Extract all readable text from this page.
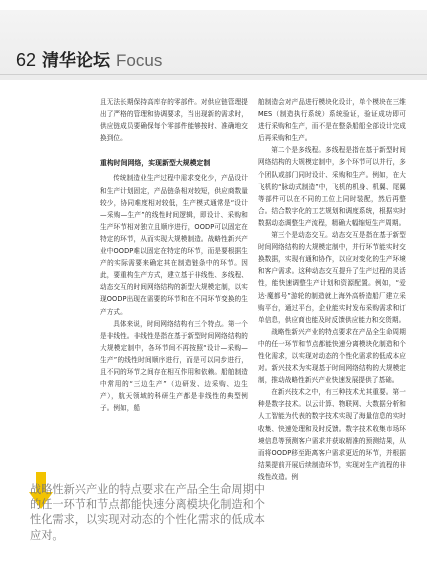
62 清华论坛 Focus

且无法长期保持高库存的零部件。对供应链管理提出了严格的管理和协调要求，当出现新的需求时，供应链成员要确保每个零部件能够按时、准确地交换到位。

重构时间网络，实现新型大规模定制

传统制造业生产过程中需求变化少，产品设计和生产计划固定，产品链条相对较短，供应商数量较少，协同难度相对较低，生产模式通常是“设计—采购—生产”的线性时间逻辑，即设计、采购和生产环节相对独立且顺序进行，OODP可以固定在特定的环节，从而实现大规模制造。战略性新兴产业中OODP难以固定在特定的环节，而是要根据生产的实际需要来确定其在制造链条中的环节。因此，要重构生产方式，建立基于非线性、多线程、动态交互的时间网络结构的新型大规模定制，以实现OODP出现在需要的环节和在不同环节变换的生产方式。

具体来说，时间网络结构有三个特点。第一个是非线性。非线性是指在基于新型时间网络结构的大规模定制中，各环节间不再按照“设计—采购—生产”的线性时间顺序进行，而是可以同步进行，且不同的环节之间存在相互作用和依赖。船舶制造中常用的“三边生产”（边研发、边采购、边生产），航天领域的科研生产都是非线性的典型例子。例如，船

舶制造会对产品进行模块化设计，单个模块在三维MES（制造执行系统）系统验证，验证成功即可进行采购和生产，而不是在整条船船全部设计完成后再采购和生产。

第二个是多线程。多线程是指在基于新型时间网络结构的大规模定制中，多个环节可以并行，多个团队或部门同时设计、采购和生产。例如，在大飞机的“脉动式制造”中，飞机的机身、机翼、尾翼等部件可以在不同的工位上同时装配，然后再整合。结合数字化的工艺规划和调度系统，根据实时数据动态调整生产流程，精确大幅缩短生产周期。

第三个是动态交互。动态交互是指在基于新型时间网络结构的大规模定制中，并行环节能实时交换数据，实现有通和协作，以应对变化的生产环境和客户需求。这种动态交互提升了生产过程的灵活性，能快速调整生产计划和资源配置。例如，“爱达·魔都号”游轮的制造就上海外高桥造船厂建立采购平台，通过平台，企业能实时发布采购需求和订单信息，供应商也能及时反馈供应能力和交货期。

战略性新兴产业的特点要求在产品全生命周期中的任一环节和节点都能快速分离模块化制造和个性化需求，以实现对动态的个性化需求的低成本应对。新兴技术为实现基于时间网络结构的大规模定制，推动战略性新兴产业快速发展提供了基础。

在新兴技术之中，有三种技术尤其重要。第一种是数字技术。以云计算、物联网、大数据分析和人工智能为代表的数字技术实现了海量信息的实时收集、快速处理和及时反馈。数字技术收集市场环境信息等预测客户需求并获取精准的预测结果，从而将OODP移至距离客户需求更近的环节，并根据结果提前开展后续制造环节，实现对生产流程的非线性改造。例

战略性新兴产业的特点要求在产品全生命周期中的任一环节和节点都能快速分离模块化制造和个性化需求，以实现对动态的个性化需求的低成本应对。
